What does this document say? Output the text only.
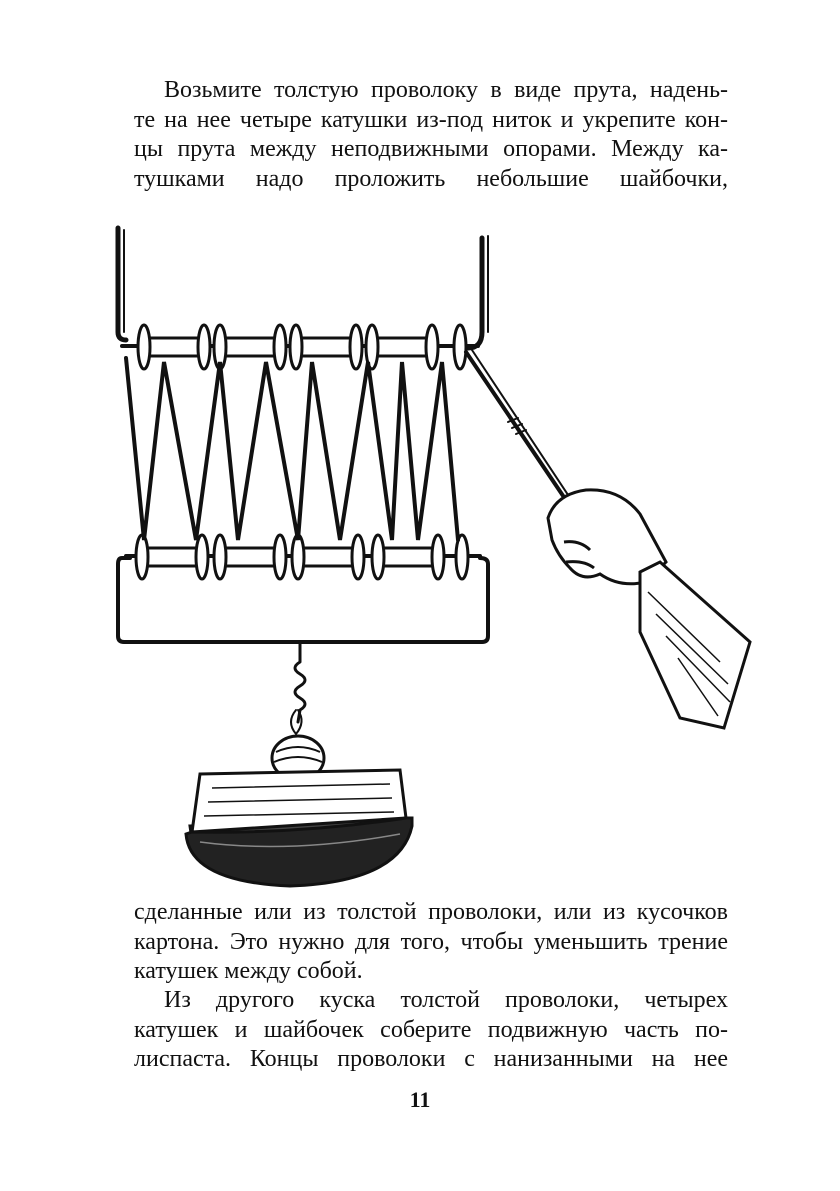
Возьмите толстую проволоку в виде прута, надень-
те на нее четыре катушки из-под ниток и укрепите кон-
цы прута между неподвижными опорами. Между ка-
тушками надо проложить небольшие шайбочки,
сделанные или из толстой проволоки, или из кусочков
картона. Это нужно для того, чтобы уменьшить трение
катушек между собой.
Из другого куска толстой проволоки, четырех
катушек и шайбочек соберите подвижную часть по-
лиспаста. Концы проволоки с нанизанными на нее
11
